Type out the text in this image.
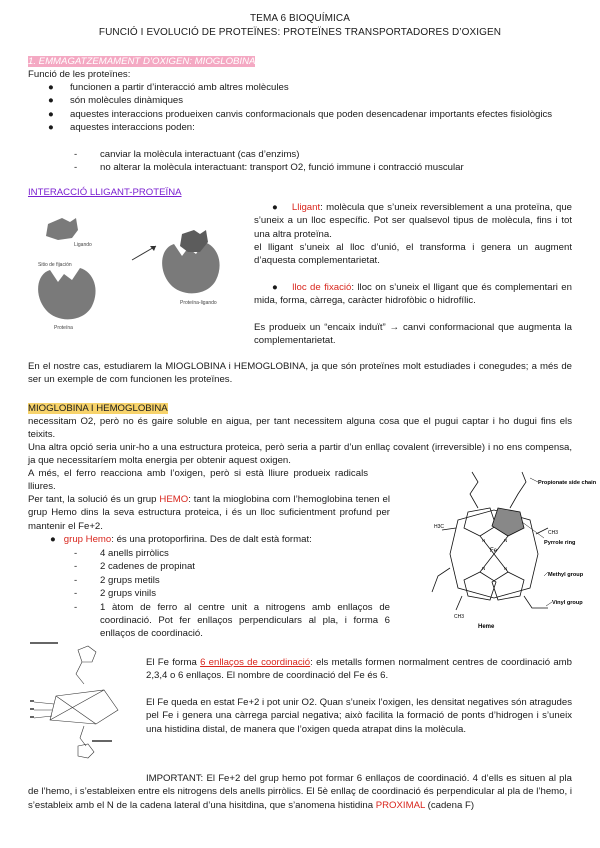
TEMA 6 BIOQUÍMICA
FUNCIÓ I EVOLUCIÓ DE PROTEÏNES: PROTEÏNES TRANSPORTADORES D’OXIGEN
1. EMMAGATZEMAMENT D’OXIGEN: MIOGLOBINA
Funció de les proteïnes:
● funcionen a partir d’interacció amb altres molècules
● són molècules dinàmiques
● aquestes interaccions produeixen canvis conformacionals que poden desencadenar importants efectes fisiològics
● aquestes interaccions poden:
- canviar la molècula interactuant (cas d’enzims)
- no alterar la molècula interactuant: transport O2, funció immune i contracció muscular
INTERACCIÓ LLIGANT-PROTEÏNA
Ligando
Sitio de fijación
Proteína
Proteína-ligando
●    Lligant: molècula que s’uneix reversiblement a una proteïna, que s’uneix a un lloc específic. Pot ser qualsevol tipus de molècula, fins i tot una altra proteïna.
el lligant s’uneix al lloc d’unió, el transforma i genera un augment d’aquesta complementarietat.
●    lloc de fixació: lloc on s’uneix el lligant que és complementari en mida, forma, càrrega, caràcter hidrofòbic o hidrofílic.
Es produeix un “encaix induït” → canvi conformacional que augmenta la complementarietat.
En el nostre cas, estudiarem la MIOGLOBINA i HEMOGLOBINA, ja que són proteïnes molt estudiades i conegudes; a més de ser un exemple de com funcionen les proteïnes.
MIOGLOBINA I HEMOGLOBINA
necessitam O2, però no és gaire soluble en aigua, per tant necessitem alguna cosa que el pugui captar i ho dugui fins els teixits.
Una altra opció seria unir-ho a una estructura proteica, però seria a partir d’un enllaç covalent (irreversible) i no ens compensa, ja que necessitaríem molta energia per obtenir aquest oxigen.
A més, el ferro reacciona amb l’oxigen, però si està lliure produeix radicals lliures.
Per tant, la solució és un grup HEMO: tant la mioglobina com l’hemoglobina tenen el grup Hemo dins la seva estructura proteica, i és un lloc suficientment profund per mantenir el Fe+2.
●   grup Hemo: és una protoporfirina. Des de dalt està format:
- 4 anells pirròlics
- 2 cadenes de propinat
- 2 grups metils
- 2 grups vinils
- 1 àtom de ferro al centre unit a nitrogens amb enllaços de coordinació. Pot fer enllaços perpendiculars al pla, i forma 6 enllaços de coordinació.
H3C
CH3
CH3
Fe
N	N
N	N
Propionate side chain
Pyrrole ring
Methyl group
Vinyl group
Heme
El Fe forma 6 enllaços de coordinació: els metalls formen normalment centres de coordinació amb 2,3,4 o 6 enllaços. El nombre de coordinació del Fe és 6.
El Fe queda en estat Fe+2 i pot unir O2. Quan s’uneix l’oxigen, les densitat negatives són atragudes pel Fe i genera una càrrega parcial negativa; això facilita la formació de ponts d’hidrogen i s’uneix una histidina distal, de manera que l’oxigen queda atrapat dins la molècula.
IMPORTANT: El Fe+2 del grup hemo pot formar 6 enllaços de coordinació. 4 d’ells es situen al pla de l’hemo, i s’estableixen entre els nitrogens dels anells pirròlics. El 5è enllaç de coordinació és perpendicular al pla de l’hemo, i s’estableix amb el N de la cadena lateral d’una hisitdina, que s’anomena histidina PROXIMAL (cadena F)
